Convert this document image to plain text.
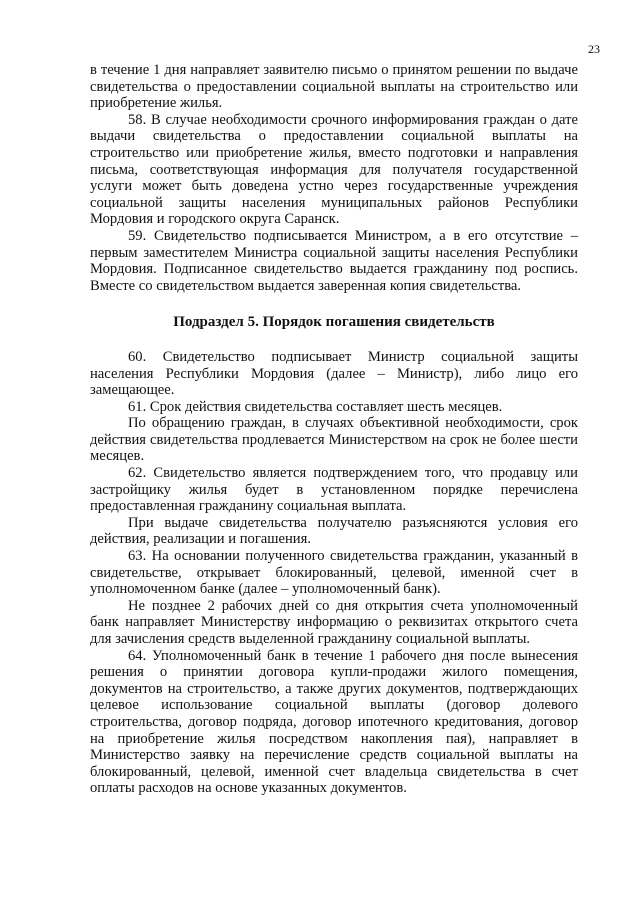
23

в течение 1 дня направляет заявителю письмо о принятом решении по выдаче свидетельства о предоставлении социальной выплаты на строительство или приобретение жилья.

58. В случае необходимости срочного информирования граждан о дате выдачи свидетельства о предоставлении социальной выплаты на строительство или приобретение жилья, вместо подготовки и направления письма, соответствующая информация для получателя государственной услуги может быть доведена устно через государственные учреждения социальной защиты населения муниципальных районов Республики Мордовия и городского округа Саранск.

59. Свидетельство подписывается Министром, а в его отсутствие – первым заместителем Министра социальной защиты населения Республики Мордовия. Подписанное свидетельство выдается гражданину под роспись. Вместе со свидетельством выдается заверенная копия свидетельства.

Подраздел 5. Порядок погашения свидетельств

60. Свидетельство подписывает Министр социальной защиты населения Республики Мордовия (далее – Министр), либо лицо его замещающее.

61. Срок действия свидетельства составляет шесть месяцев.

По обращению граждан, в случаях объективной необходимости, срок действия свидетельства продлевается Министерством на срок не более шести месяцев.

62. Свидетельство является подтверждением того, что продавцу или застройщику жилья будет в установленном порядке перечислена предоставленная гражданину социальная выплата.

При выдаче свидетельства получателю разъясняются условия его действия, реализации и погашения.

63. На основании полученного свидетельства гражданин, указанный в свидетельстве, открывает блокированный, целевой, именной счет в уполномоченном банке (далее – уполномоченный банк).

Не позднее 2 рабочих дней со дня открытия счета уполномоченный банк направляет Министерству информацию о реквизитах открытого счета для зачисления средств выделенной гражданину социальной выплаты.

64. Уполномоченный банк в течение 1 рабочего дня после вынесения решения о принятии договора купли-продажи жилого помещения, документов на строительство, а также других документов, подтверждающих целевое использование социальной выплаты (договор долевого строительства, договор подряда, договор ипотечного кредитования, договор на приобретение жилья посредством накопления пая), направляет в Министерство заявку на перечисление средств социальной выплаты на блокированный, целевой, именной счет владельца свидетельства в счет оплаты расходов на основе указанных документов.
